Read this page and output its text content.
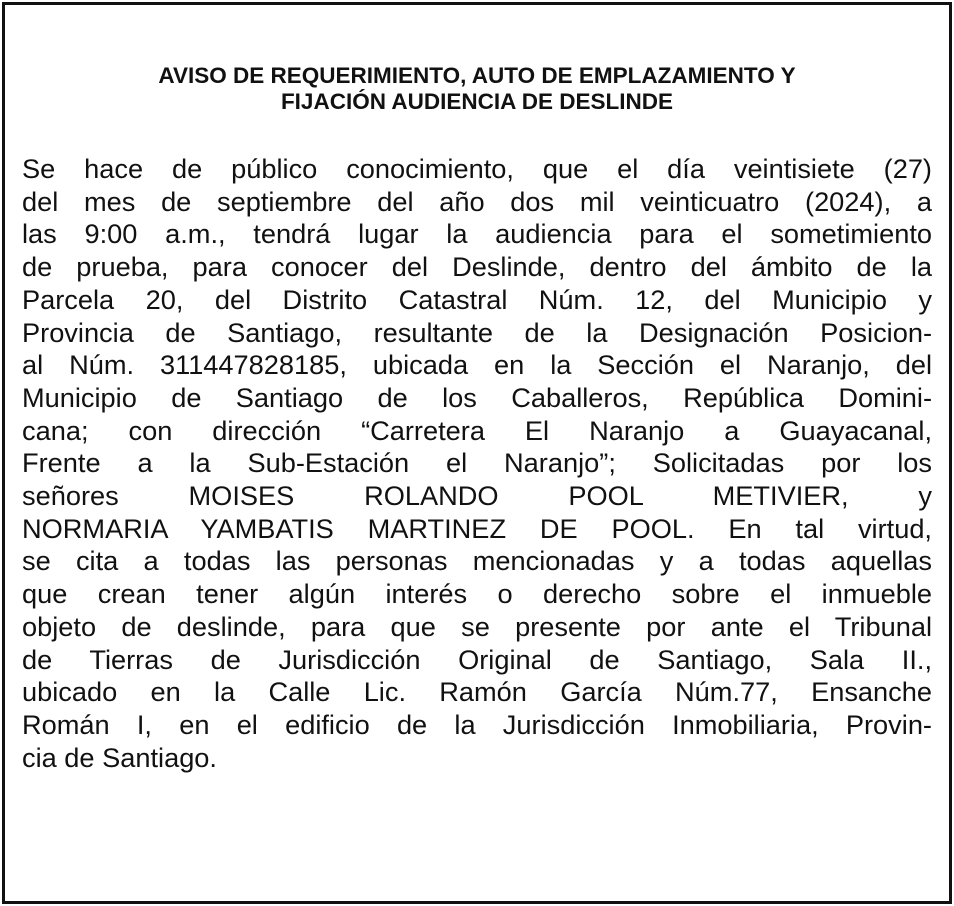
AVISO DE REQUERIMIENTO, AUTO DE EMPLAZAMIENTO Y
FIJACIÓN AUDIENCIA DE DESLINDE
Se hace de público conocimiento, que el día veintisiete (27)
del mes de septiembre del año dos mil veinticuatro (2024), a
las 9:00 a.m., tendrá lugar la audiencia para el sometimiento
de prueba, para conocer del Deslinde, dentro del ámbito de la
Parcela 20, del Distrito Catastral Núm. 12, del Municipio y
Provincia de Santiago, resultante de la Designación Posicion-
al Núm. 311447828185, ubicada en la Sección el Naranjo, del
Municipio de Santiago de los Caballeros, República Domini-
cana; con dirección “Carretera El Naranjo a Guayacanal,
Frente a la Sub-Estación el Naranjo”; Solicitadas por los
señores MOISES ROLANDO POOL METIVIER, y
NORMARIA YAMBATIS MARTINEZ DE POOL. En tal virtud,
se cita a todas las personas mencionadas y a todas aquellas
que crean tener algún interés o derecho sobre el inmueble
objeto de deslinde, para que se presente por ante el Tribunal
de Tierras de Jurisdicción Original de Santiago, Sala II.,
ubicado en la Calle Lic. Ramón García Núm.77, Ensanche
Román I, en el edificio de la Jurisdicción Inmobiliaria, Provin-
cia de Santiago.
